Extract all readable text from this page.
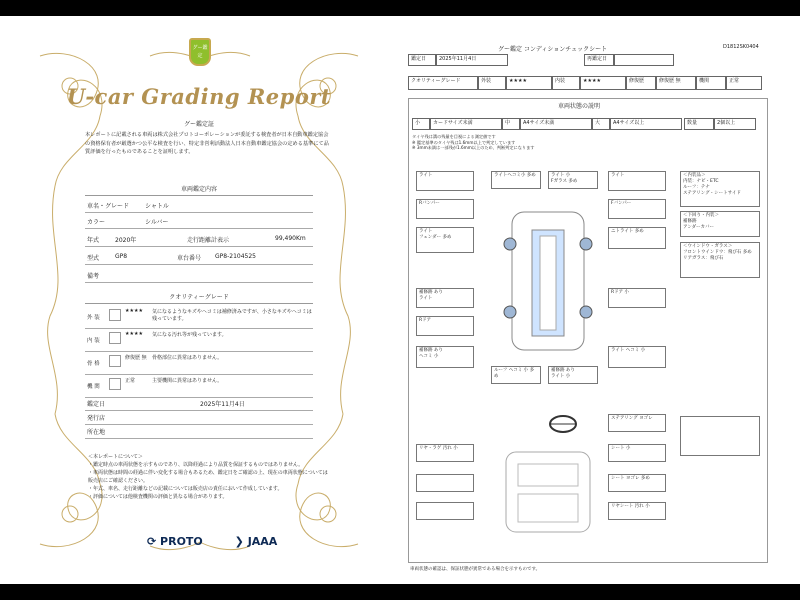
グー鑑定
U-car Grading Report
グー鑑定証
本レポートに記載される車両は株式会社プロトコーポレーションが委託する検査者が日本自動車鑑定協会の資格保有者が厳選かつ公平な検査を行い、特定非営利活動法人日本自動車鑑定協会の定める基準にて品質評価を行ったものであることを証明します。
車両鑑定内容
車名・グレード	シャトル
カラー	シルバー
年式	2020年	走行距離計表示	99,490Km
型式	GP8	車台番号 GP8-2104525
備考
クオリティーグレード
外 装
★★★★ 気になるようなキズやヘコミは補修済みですが、小さなキズやヘコミは残っています。
内 装
★★★★ 気になる汚れ等が残っています。
骨 格
修復歴 無 骨格部位に異常はありません。
機 関
正常	主要機関に異常はありません。
鑑定日	2025年11月4日
発行店
所在地
＜本レポートについて＞
・鑑定時点の車両状態を示すものであり、以降経過により品質を保証するものではありません。
・車両状態は時間の経過に伴い変化する場合もあるため、鑑定日をご確認の上、現在の車両状態については販売店にご確認ください。
・年式、車名、走行距離などの記載については販売店の責任において作成しています。
・評価については他検査機関の評価と異なる場合があります。
⟳ PROTO	❯ JAAA
グー鑑定 コンディションチェックシート	D1812SK0404
鑑定日	2025年11月4日	再鑑定日
クオリティーグレード	外装	★★★★	内装	★★★★	修復歴	修復歴 無	機関	正常
車両状態の説明
小	カードサイズ未満	中	A4サイズ未満	大	A4サイズ以上	数量	2個以上
タイヤ残は溝の残量を目視による測定値です
※ 鑑定基準のタイヤ残は1.6mm以上で判定しています
※ 3mm未満は一部残が1.6mm以上のため、判断判定になります
ライト
Rバンパー
ライト
フェンダー 多め
補修跡 あり
ライト
Rドア
補修跡 あり
ヘコミ 小
ライトヘコミ小 多め	ライト 小
Fガラス 多め
ライト
Fバンパー
ニトライト 多め
Rドア 小
ライト ヘコミ 小
ルーフ ヘコミ 小 多め
補修跡 あり
ライト 小
＜内装品＞
内装：ナビ・ETC
ルーフ：テナ
ステアリング・シートサイド
＜下回り・内装＞
補修跡
アンダーカバー
＜ウインドウ・ガラス＞
フロントウインドウ：飛び石 多め
リアガラス：飛び石
ステアリング ヨゴレ
シート 小
シート ヨゴレ 多め
リヤシート 汚れ 小
リヤ・ラゲ 汚れ 小
車両状態の確認は、保証状態が異常である場合を示すものです。
